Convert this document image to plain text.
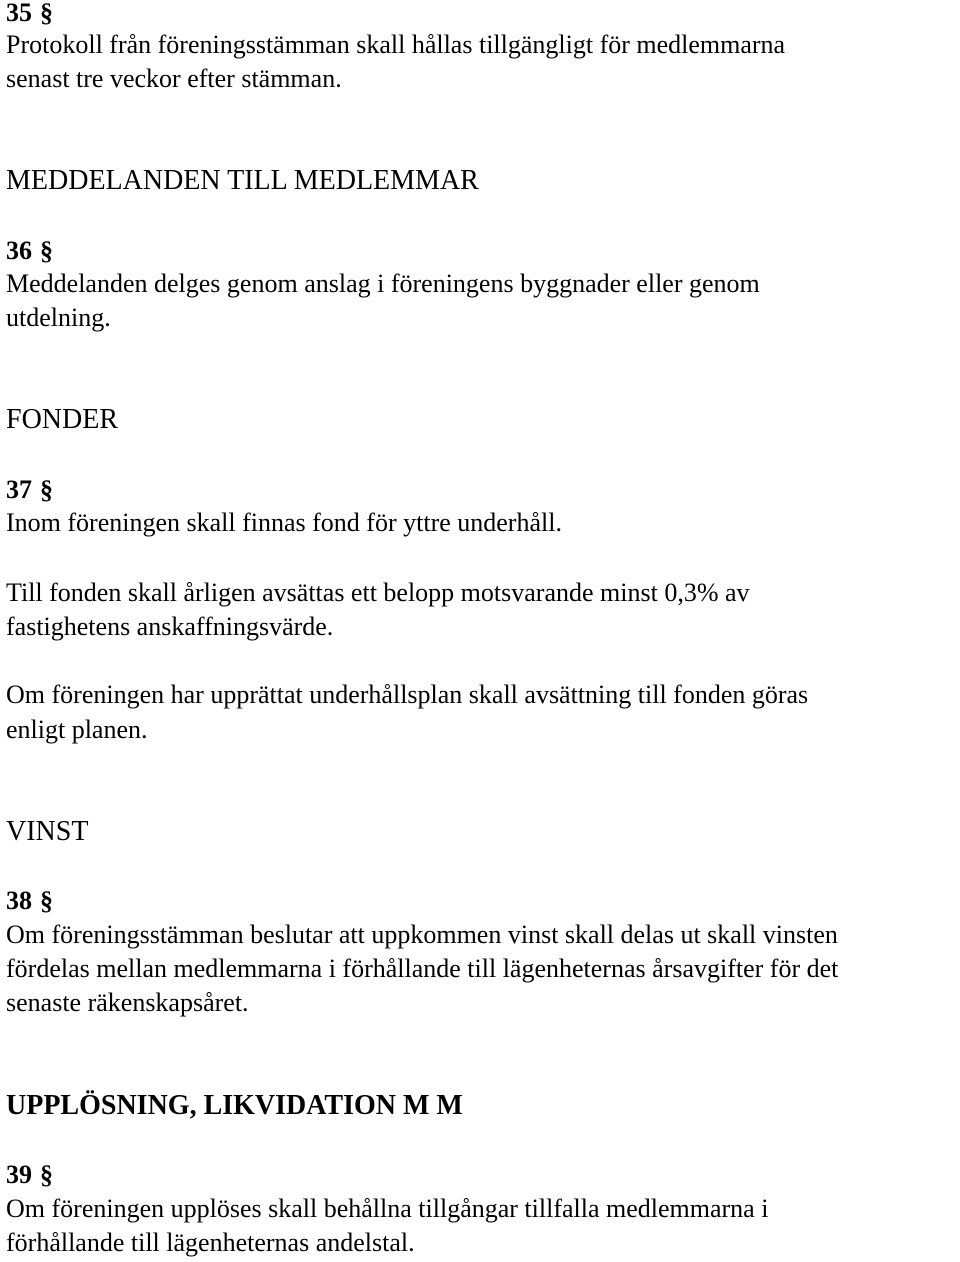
35 §

Protokoll från föreningsstämman skall hållas tillgängligt för medlemmarna

senast tre veckor efter stämman.

MEDDELANDEN TILL MEDLEMMAR
36 §

Meddelanden delges genom anslag i föreningens byggnader eller genom

utdelning.

FONDER
37 §

Inom föreningen skall finnas fond för yttre underhåll.

Till fonden skall årligen avsättas ett belopp motsvarande minst 0,3% av

fastighetens anskaffningsvärde.

Om föreningen har upprättat underhållsplan skall avsättning till fonden göras

enligt planen.

VINST
38 §

Om föreningsstämman beslutar att uppkommen vinst skall delas ut skall vinsten

fördelas mellan medlemmarna i förhållande till lägenheternas årsavgifter för det

senaste räkenskapsåret.

UPPLÖSNING, LIKVIDATION M M
39 §

Om föreningen upplöses skall behållna tillgångar tillfalla medlemmarna i

förhållande till lägenheternas andelstal.
